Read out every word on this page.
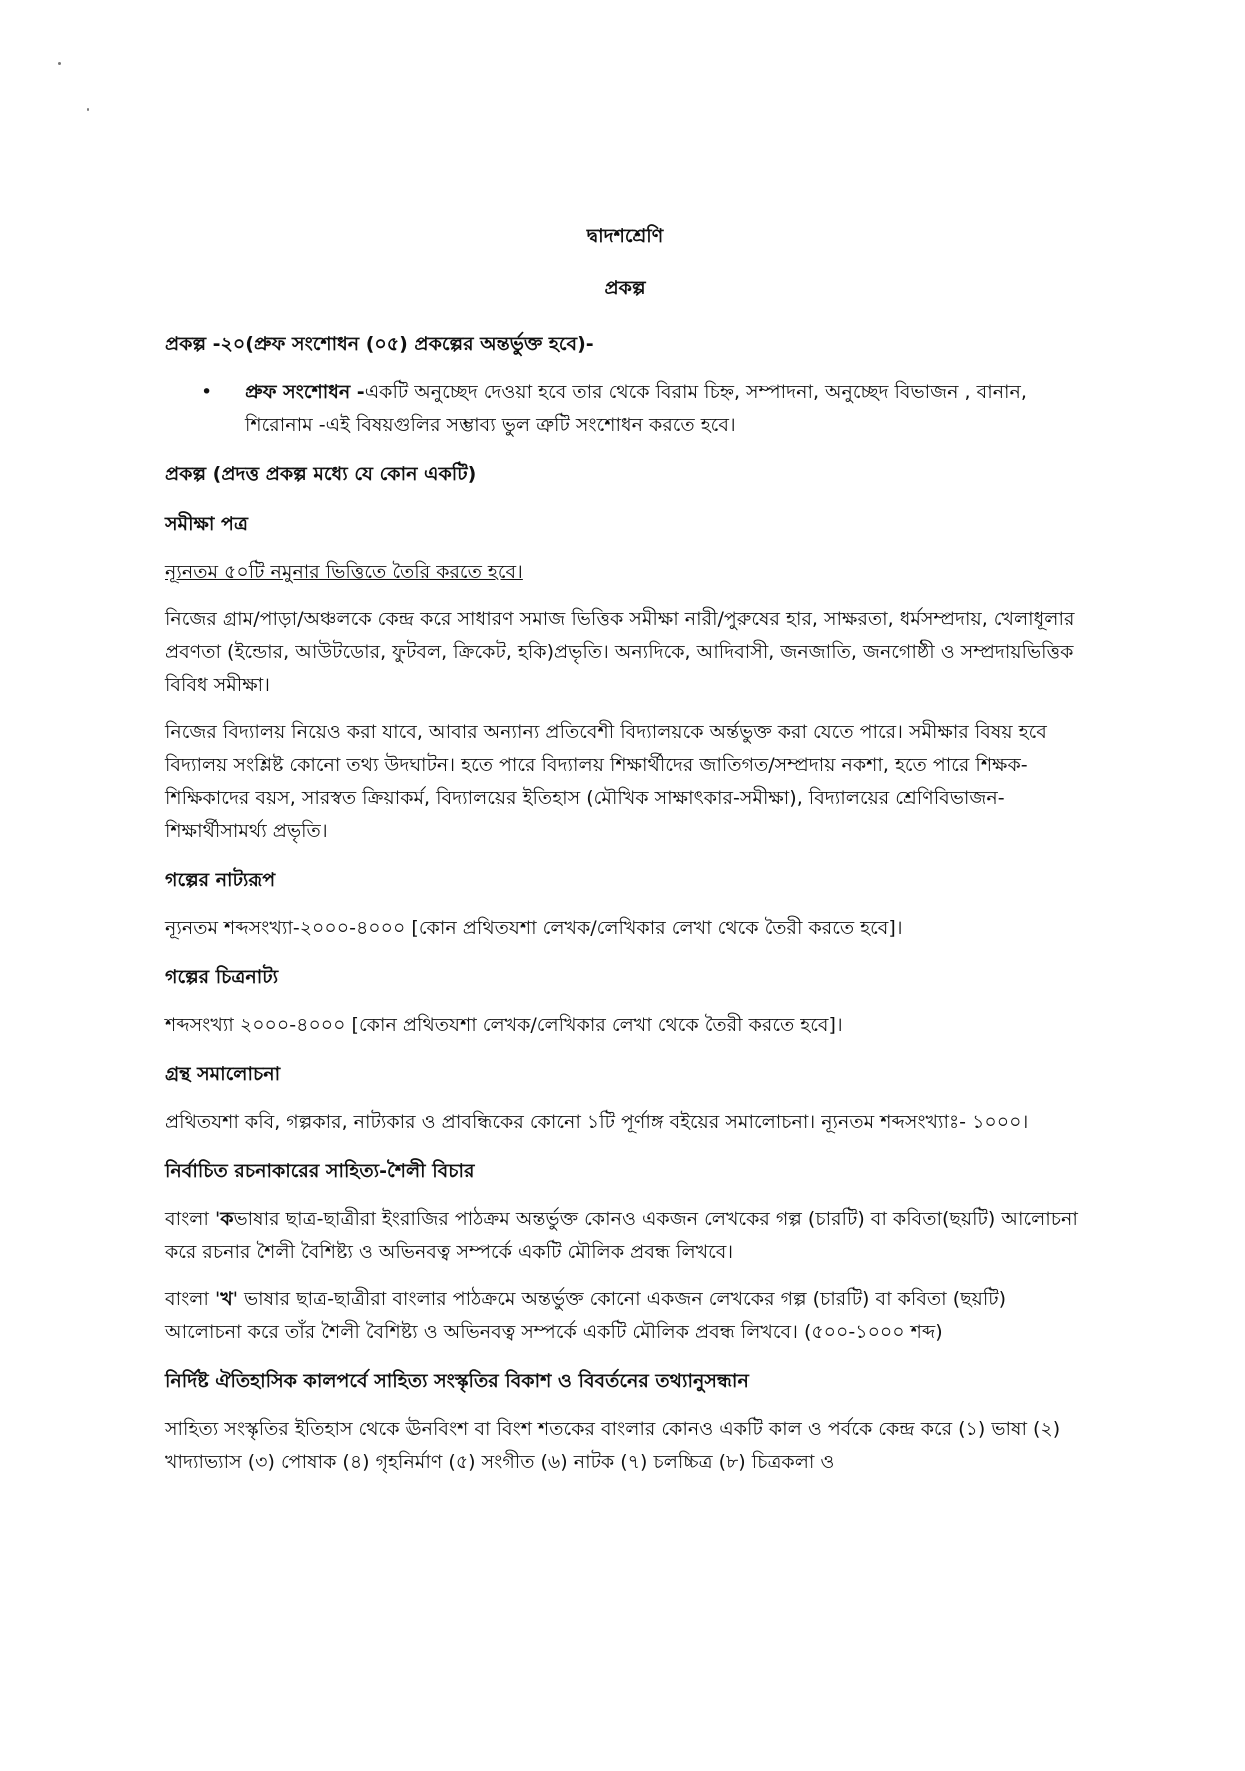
দ্বাদশশ্রেণি
প্রকল্প
প্রকল্প -২০(প্রুফ সংশোধন (০৫) প্রকল্পের অন্তর্ভুক্ত হবে)-
•	প্রুফ সংশোধন -একটি অনুচ্ছেদ দেওয়া হবে তার থেকে বিরাম চিহ্ন, সম্পাদনা, অনুচ্ছেদ বিভাজন , বানান, শিরোনাম -এই বিষয়গুলির সম্ভাব্য ভুল ত্রুটি সংশোধন করতে হবে।
প্রকল্প (প্রদত্ত প্রকল্প মধ্যে যে কোন একটি)
সমীক্ষা পত্র
ন্যূনতম ৫০টি নমুনার ভিত্তিতে তৈরি করতে হবে।
নিজের গ্রাম/পাড়া/অঞ্চলকে কেন্দ্র করে সাধারণ সমাজ ভিত্তিক সমীক্ষা নারী/পুরুষের হার, সাক্ষরতা, ধর্মসম্প্রদায়, খেলাধূলার প্রবণতা (ইন্ডোর, আউটডোর, ফুটবল, ক্রিকেট, হকি)প্রভৃতি। অন্যদিকে, আদিবাসী, জনজাতি, জনগোষ্ঠী ও সম্প্রদায়ভিত্তিক বিবিধ সমীক্ষা।
নিজের বিদ্যালয় নিয়েও করা যাবে, আবার অন্যান্য প্রতিবেশী বিদ্যালয়কে অর্ন্তভুক্ত করা যেতে পারে। সমীক্ষার বিষয় হবে বিদ্যালয় সংশ্লিষ্ট কোনো তথ্য উদঘাটন। হতে পারে বিদ্যালয় শিক্ষার্থীদের জাতিগত/সম্প্রদায় নকশা, হতে পারে শিক্ষক- শিক্ষিকাদের বয়স, সারস্বত ক্রিয়াকর্ম, বিদ্যালয়ের ইতিহাস (মৌখিক সাক্ষাৎকার-সমীক্ষা), বিদ্যালয়ের শ্রেণিবিভাজন- শিক্ষার্থীসামর্থ্য প্রভৃতি।
গল্পের নাট্যরূপ
ন্যূনতম শব্দসংখ্যা-২০০০-৪০০০ [কোন প্রথিতযশা লেখক/লেখিকার লেখা থেকে তৈরী করতে হবে]।
গল্পের চিত্রনাট্য
শব্দসংখ্যা ২০০০-৪০০০ [কোন প্রথিতযশা লেখক/লেখিকার লেখা থেকে তৈরী করতে হবে]।
গ্রন্থ সমালোচনা
প্রথিতযশা কবি, গল্পকার, নাট্যকার ও প্রাবন্ধিকের কোনো ১টি পূর্ণাঙ্গ বইয়ের সমালোচনা। ন্যূনতম শব্দসংখ্যাঃ- ১০০০।
নির্বাচিত রচনাকারের সাহিত্য-শৈলী বিচার
বাংলা 'কভাষার ছাত্র-ছাত্রীরা ইংরাজির পাঠক্রম অন্তর্ভুক্ত কোনও একজন লেখকের গল্প (চারটি) বা কবিতা(ছয়টি) আলোচনা করে রচনার শৈলী বৈশিষ্ট্য ও অভিনবত্ব সম্পর্কে একটি মৌলিক প্রবন্ধ লিখবে।
বাংলা 'খ' ভাষার ছাত্র-ছাত্রীরা বাংলার পাঠক্রমে অন্তর্ভুক্ত কোনো একজন লেখকের গল্প (চারটি) বা কবিতা (ছয়টি) আলোচনা করে তাঁর শৈলী বৈশিষ্ট্য ও অভিনবত্ব সম্পর্কে একটি মৌলিক প্রবন্ধ লিখবে। (৫০০-১০০০ শব্দ)
নির্দিষ্ট ঐতিহাসিক কালপর্বে সাহিত্য সংস্কৃতির বিকাশ ও বিবর্তনের তথ্যানুসন্ধান
সাহিত্য সংস্কৃতির ইতিহাস থেকে ঊনবিংশ বা বিংশ শতকের বাংলার কোনও একটি কাল ও পর্বকে কেন্দ্র করে (১) ভাষা (২) খাদ্যাভ্যাস (৩) পোষাক (৪) গৃহনির্মাণ (৫) সংগীত (৬) নাটক (৭) চলচ্চিত্র (৮) চিত্রকলা ও
